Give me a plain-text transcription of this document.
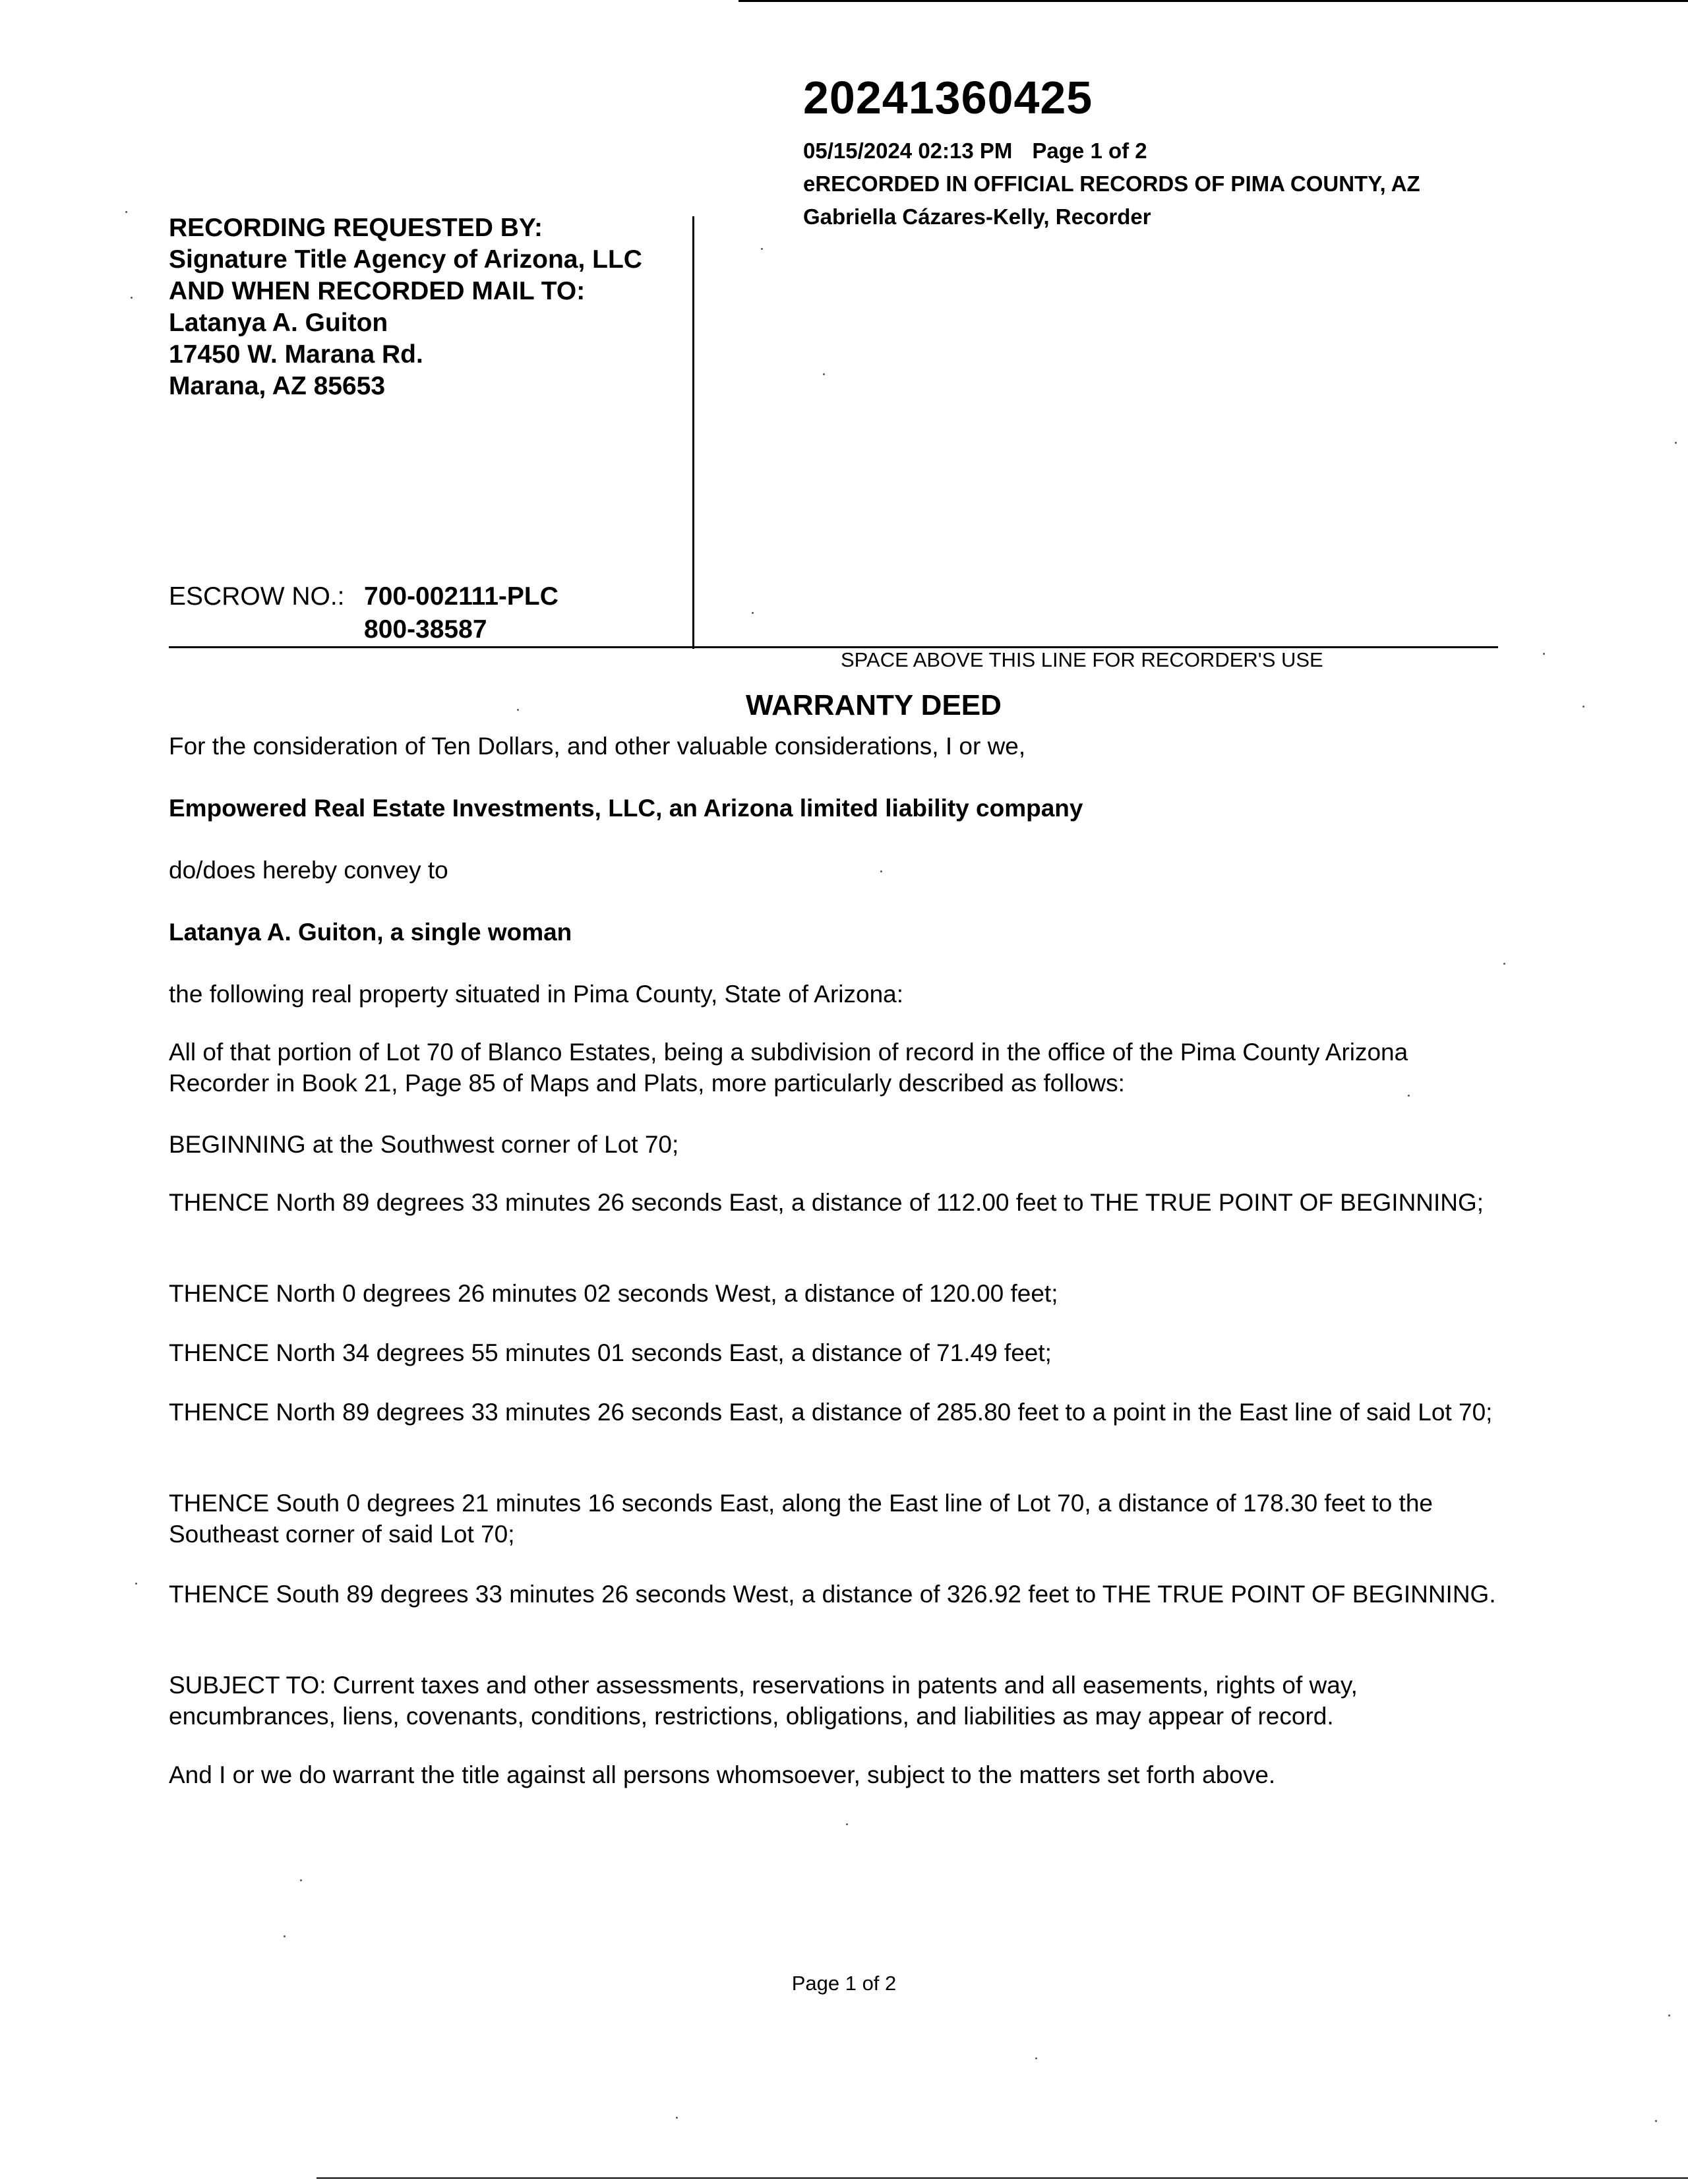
20241360425
05/15/2024 02:13 PM Page 1 of 2
eRECORDED IN OFFICIAL RECORDS OF PIMA COUNTY, AZ
Gabriella Cázares-Kelly, Recorder
RECORDING REQUESTED BY:
Signature Title Agency of Arizona, LLC
AND WHEN RECORDED MAIL TO:
Latanya A. Guiton
17450 W. Marana Rd.
Marana, AZ 85653
ESCROW NO.: 700-002111-PLC
800-38587
SPACE ABOVE THIS LINE FOR RECORDER'S USE
WARRANTY DEED
For the consideration of Ten Dollars, and other valuable considerations, I or we,
Empowered Real Estate Investments, LLC, an Arizona limited liability company
do/does hereby convey to
Latanya A. Guiton, a single woman
the following real property situated in Pima County, State of Arizona:
All of that portion of Lot 70 of Blanco Estates, being a subdivision of record in the office of the Pima County Arizona Recorder in Book 21, Page 85 of Maps and Plats, more particularly described as follows:
BEGINNING at the Southwest corner of Lot 70;
THENCE North 89 degrees 33 minutes 26 seconds East, a distance of 112.00 feet to THE TRUE POINT OF BEGINNING;
THENCE North 0 degrees 26 minutes 02 seconds West, a distance of 120.00 feet;
THENCE North 34 degrees 55 minutes 01 seconds East, a distance of 71.49 feet;
THENCE North 89 degrees 33 minutes 26 seconds East, a distance of 285.80 feet to a point in the East line of said Lot 70;
THENCE South 0 degrees 21 minutes 16 seconds East, along the East line of Lot 70, a distance of 178.30 feet to the Southeast corner of said Lot 70;
THENCE South 89 degrees 33 minutes 26 seconds West, a distance of 326.92 feet to THE TRUE POINT OF BEGINNING.
SUBJECT TO: Current taxes and other assessments, reservations in patents and all easements, rights of way, encumbrances, liens, covenants, conditions, restrictions, obligations, and liabilities as may appear of record.
And I or we do warrant the title against all persons whomsoever, subject to the matters set forth above.
Page 1 of 2
